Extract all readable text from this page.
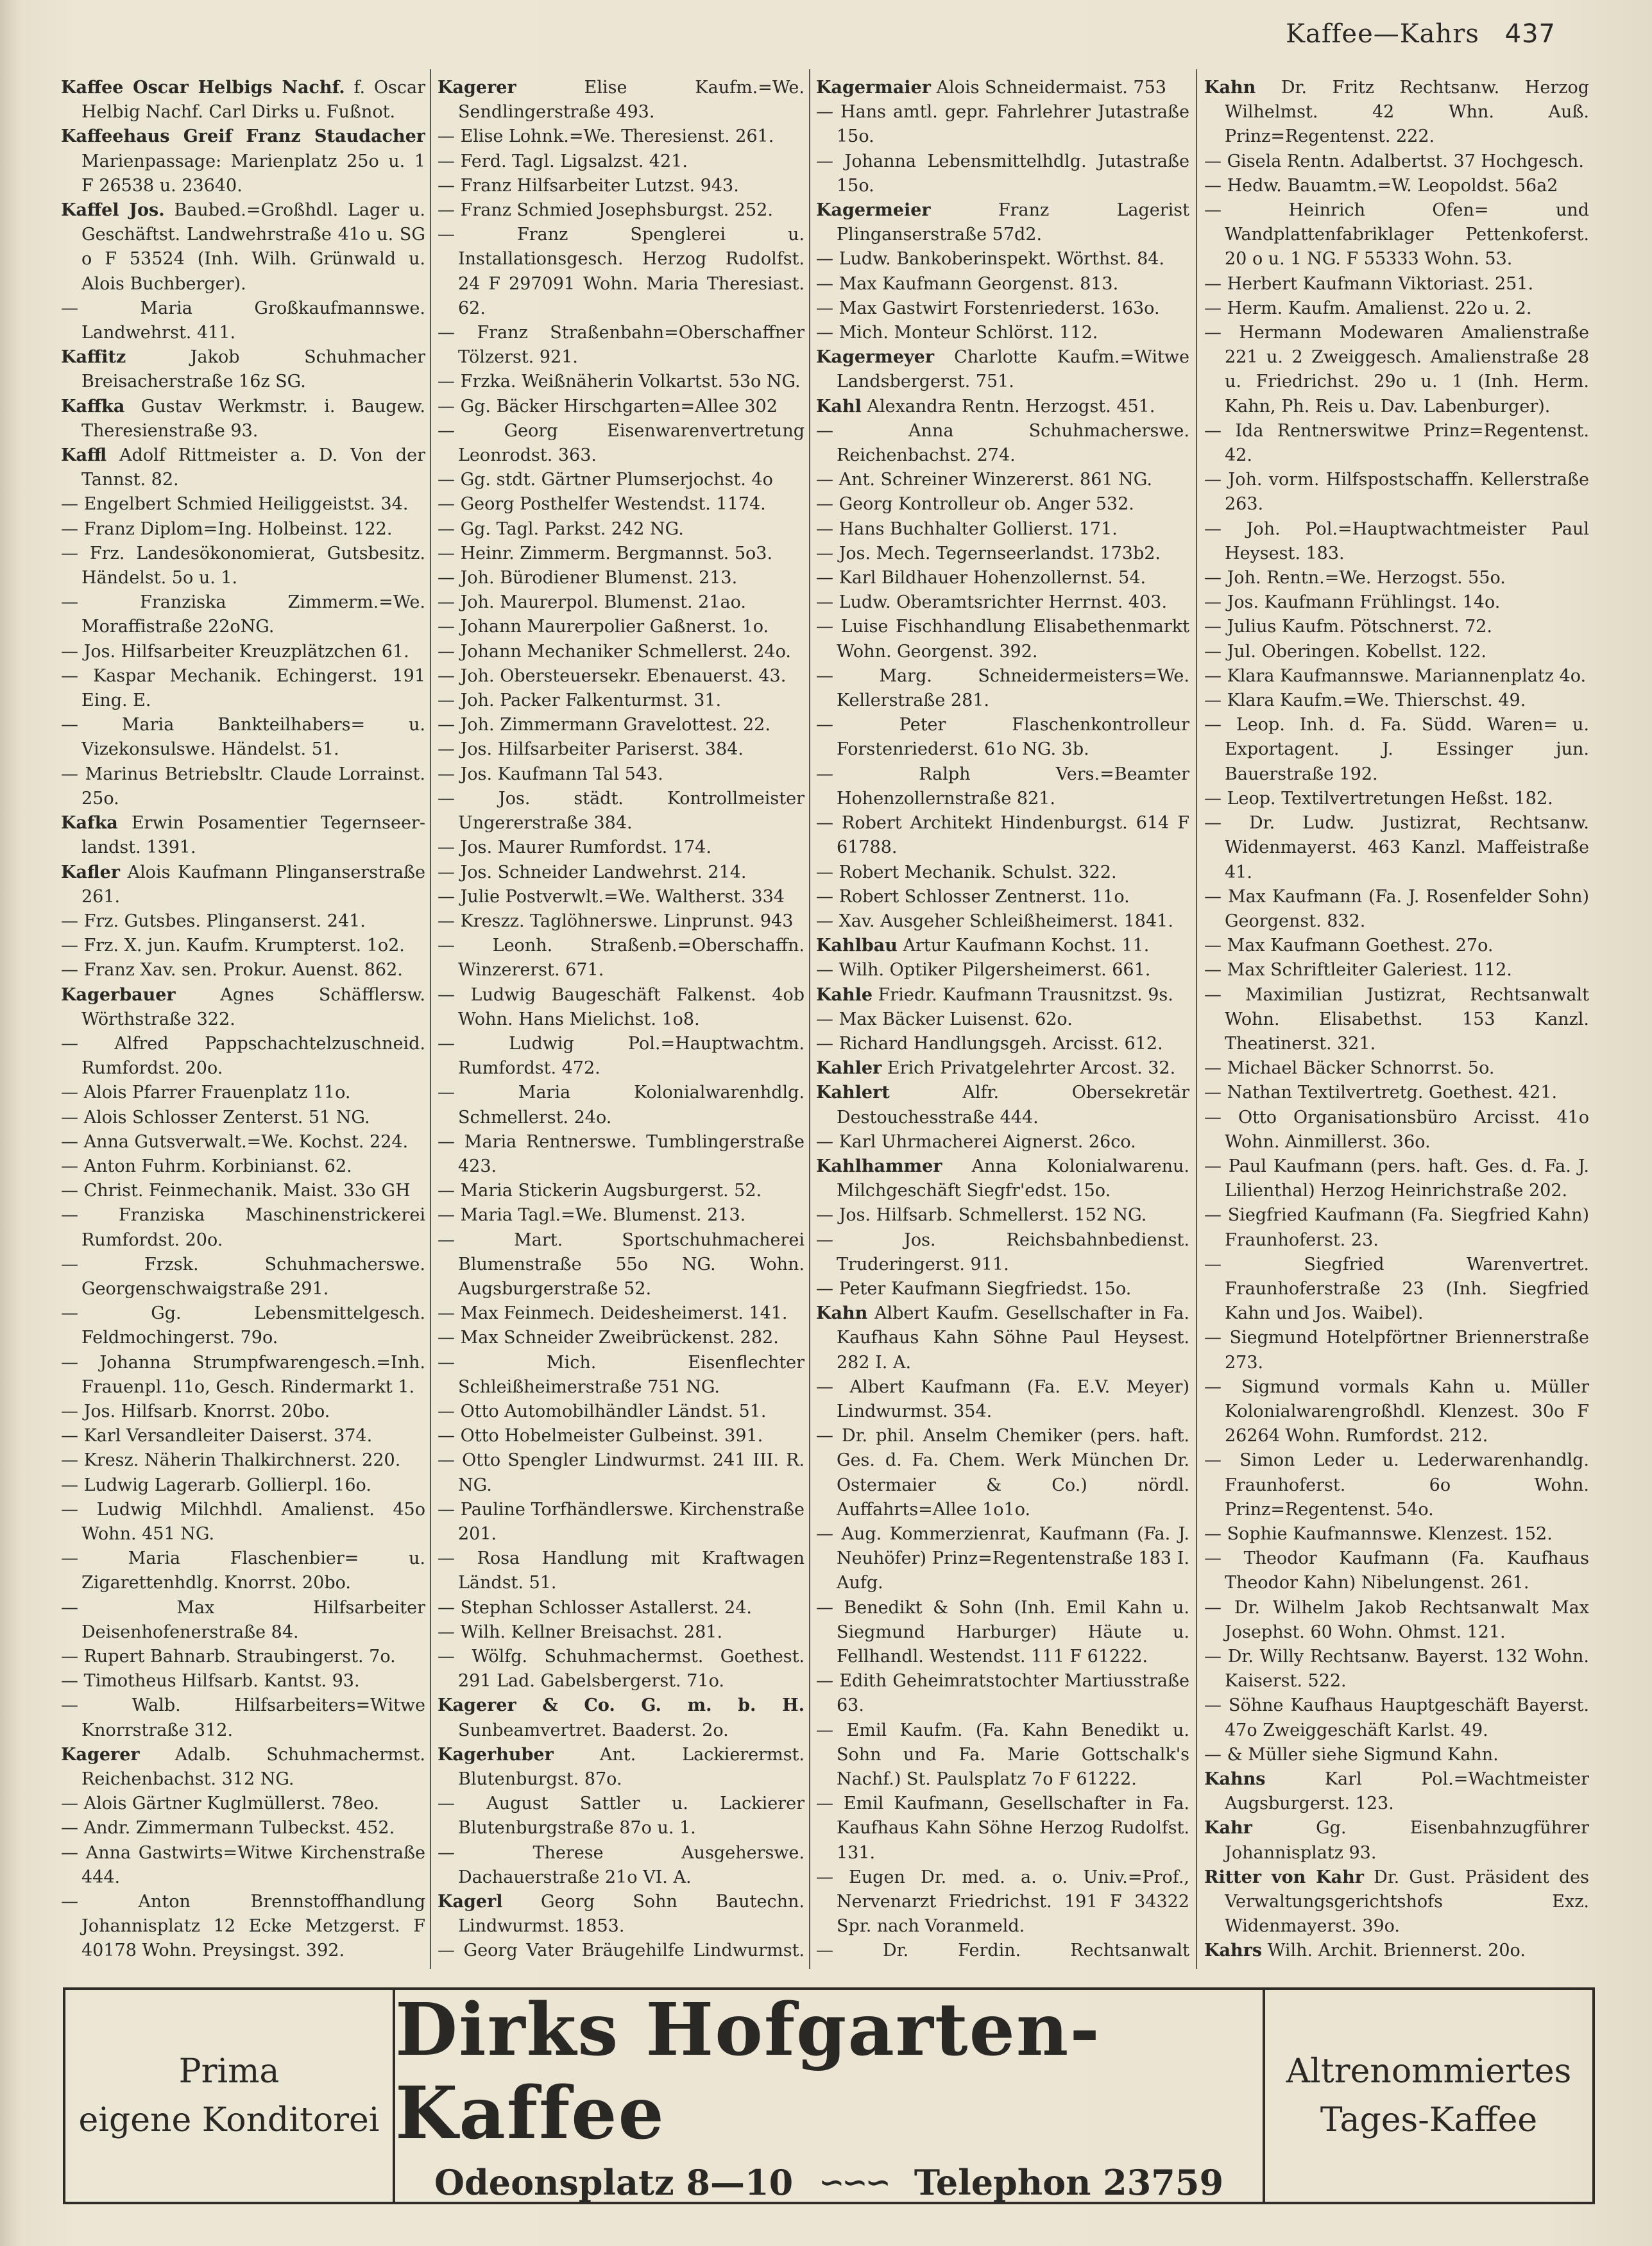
Kaffee—Kahrs 437
Kaffee Oscar Helbigs Nachf. f. Oscar Helbig Nachf. Carl Dirks u. Fußnot.
Kaffeehaus Greif Franz Staudacher Marienpassage: Marienplatz 25o u. 1 F 26538 u. 23640.
Kaffel Jos. Baubed.=Großhdl. Lager u. Geschäftst. Landwehrstraße 41o u. SG o F 53524 (Inh. Wilh. Grünwald u. Alois Buchberger).
— Maria Großkaufmannswe. Landwehrst. 411.
Kaffitz	Jakob Schuhmacher Breisacherstraße 16z SG.
Kaffka Gustav Werkmstr. i. Baugew. Theresienstraße 93.
Kaffl Adolf Rittmeister a. D. Von der Tannst. 82.
— Engelbert Schmied Heiliggeistst. 34.
— Franz Diplom=Ing. Holbeinst. 122.
— Frz. Landesökonomierat, Gutsbesitz. Händelst. 5o u. 1.
— Franziska Zimmerm.=We. Moraffistraße 22oNG.
— Jos. Hilfsarbeiter Kreuzplätzchen 61.
— Kaspar Mechanik. Echingerst. 191 Eing. E.
— Maria Bankteilhabers= u. Vizekonsulswe. Händelst. 51.
— Marinus Betriebsltr. Claude Lorrainst. 25o.
Kafka Erwin Posamentier Tegernseer-landst. 1391.
Kafler Alois Kaufmann Plinganserstraße 261.
— Frz. Gutsbes. Plinganserst. 241.
— Frz. X. jun. Kaufm. Krumpterst. 1o2.
— Franz Xav. sen. Prokur. Auenst. 862.
Kagerbauer	Agnes Schäfflersw. Wörthstraße 322.
— Alfred Pappschachtelzuschneid. Rumfordst. 20o.
— Alois Pfarrer Frauenplatz 11o.
— Alois Schlosser Zenterst. 51 NG.
— Anna Gutsverwalt.=We. Kochst. 224.
— Anton Fuhrm. Korbinianst. 62.
— Christ. Feinmechanik. Maist. 33o GH
— Franziska Maschinenstrickerei Rumfordst. 20o.
— Frzsk. Schuhmacherswe. Georgenschwaigstraße 291.
— Gg. Lebensmittelgesch. Feldmochingerst. 79o.
— Johanna Strumpfwarengesch.=Inh. Frauenpl. 11o, Gesch. Rindermarkt 1.
— Jos. Hilfsarb. Knorrst. 20bo.
— Karl Versandleiter Daiserst. 374.
— Kresz. Näherin Thalkirchnerst. 220.
— Ludwig Lagerarb. Gollierpl. 16o.
— Ludwig Milchhdl. Amalienst. 45o Wohn. 451 NG.
— Maria Flaschenbier= u. Zigarettenhdlg. Knorrst. 20bo.
— Max Hilfsarbeiter Deisenhofenerstraße 84.
— Rupert Bahnarb. Straubingerst. 7o.
— Timotheus Hilfsarb. Kantst. 93.
— Walb. Hilfsarbeiters=Witwe Knorrstraße 312.
Kagerer Adalb. Schuhmachermst. Reichenbachst. 312 NG.
— Alois Gärtner Kuglmüllerst. 78eo.
— Andr. Zimmermann Tulbeckst. 452.
— Anna Gastwirts=Witwe Kirchenstraße 444.
— Anton Brennstoffhandlung Johannisplatz 12 Ecke Metzgerst. F 40178 Wohn. Preysingst. 392.
Kagerer	Elise Kaufm.=We. Sendlingerstraße 493.
— Elise Lohnk.=We. Theresienst. 261.
— Ferd. Tagl. Ligsalzst. 421.
— Franz Hilfsarbeiter Lutzst. 943.
— Franz Schmied Josephsburgst. 252.
— Franz Spenglerei u. Installationsgesch. Herzog Rudolfst. 24 F 297091 Wohn. Maria Theresiast. 62.
— Franz Straßenbahn=Oberschaffner Tölzerst. 921.
— Frzka. Weißnäherin Volkartst. 53o NG.
— Gg. Bäcker Hirschgarten=Allee 302
— Georg Eisenwarenvertretung Leonrodst. 363.
— Gg. stdt. Gärtner Plumserjochst. 4o
— Georg Posthelfer Westendst. 1174.
— Gg. Tagl. Parkst. 242 NG.
— Heinr. Zimmerm. Bergmannst. 5o3.
— Joh. Bürodiener Blumenst. 213.
— Joh. Maurerpol. Blumenst. 21ao.
— Johann Maurerpolier Gaßnerst. 1o.
— Johann Mechaniker Schmellerst. 24o.
— Joh. Obersteuersekr. Ebenauerst. 43.
— Joh. Packer Falkenturmst. 31.
— Joh. Zimmermann Gravelottest. 22.
— Jos. Hilfsarbeiter Pariserst. 384.
— Jos. Kaufmann Tal 543.
— Jos. städt. Kontrollmeister Ungererstraße 384.
— Jos. Maurer Rumfordst. 174.
— Jos. Schneider Landwehrst. 214.
— Julie Postverwlt.=We. Waltherst. 334
— Kreszz. Taglöhnerswe. Linprunst. 943
— Leonh. Straßenb.=Oberschaffn. Winzererst. 671.
— Ludwig Baugeschäft Falkenst. 4ob Wohn. Hans Mielichst. 1o8.
— Ludwig Pol.=Hauptwachtm. Rumfordst. 472.
— Maria Kolonialwarenhdlg. Schmellerst. 24o.
— Maria Rentnerswe. Tumblingerstraße 423.
— Maria Stickerin Augsburgerst. 52.
— Maria Tagl.=We. Blumenst. 213.
— Mart. Sportschuhmacherei Blumenstraße 55o NG. Wohn. Augsburgerstraße 52.
— Max Feinmech. Deidesheimerst. 141.
— Max Schneider Zweibrückenst. 282.
— Mich. Eisenflechter Schleißheimerstraße 751 NG.
— Otto Automobilhändler Ländst. 51.
— Otto Hobelmeister Gulbeinst. 391.
— Otto Spengler Lindwurmst. 241 III. R. NG.
— Pauline Torfhändlerswe. Kirchenstraße 201.
— Rosa Handlung mit Kraftwagen Ländst. 51.
— Stephan Schlosser Astallerst. 24.
— Wilh. Kellner Breisachst. 281.
— Wölfg. Schuhmachermst. Goethest. 291 Lad. Gabelsbergerst. 71o.
Kagerer & Co. G. m. b. H. Sunbeamvertret. Baaderst. 2o.
Kagerhuber	Ant. Lackierermst. Blutenburgst. 87o.
— August Sattler u. Lackierer Blutenburgstraße 87o u. 1.
— Therese Ausgeherswe. Dachauerstraße 21o VI. A.
Kagerl Georg Sohn Bautechn. Lindwurmst. 1853.
— Georg Vater Bräugehilfe Lindwurmst.
Kagermaier Alois Schneidermaist. 753
— Hans amtl. gepr. Fahrlehrer Jutastraße 15o.
— Johanna Lebensmittelhdlg. Jutastraße 15o.
Kagermeier	Franz Lagerist Plinganserstraße 57d2.
— Ludw. Bankoberinspekt. Wörthst. 84.
— Max Kaufmann Georgenst. 813.
— Max Gastwirt Forstenriederst. 163o.
— Mich. Monteur Schlörst. 112.
Kagermeyer Charlotte Kaufm.=Witwe Landsbergerst. 751.
Kahl Alexandra Rentn. Herzogst. 451.
— Anna Schuhmacherswe. Reichenbachst. 274.
— Ant. Schreiner Winzererst. 861 NG.
— Georg Kontrolleur ob. Anger 532.
— Hans Buchhalter Gollierst. 171.
— Jos. Mech. Tegernseerlandst. 173b2.
— Karl Bildhauer Hohenzollernst. 54.
— Ludw. Oberamtsrichter Herrnst. 403.
— Luise Fischhandlung Elisabethenmarkt Wohn. Georgenst. 392.
— Marg. Schneidermeisters=We. Kellerstraße 281.
— Peter Flaschenkontrolleur Forstenriederst. 61o NG. 3b.
— Ralph Vers.=Beamter Hohenzollernstraße 821.
— Robert Architekt Hindenburgst. 614 F 61788.
— Robert Mechanik. Schulst. 322.
— Robert Schlosser Zentnerst. 11o.
— Xav. Ausgeher Schleißheimerst. 1841.
Kahlbau Artur Kaufmann Kochst. 11.
— Wilh. Optiker Pilgersheimerst. 661.
Kahle Friedr. Kaufmann Trausnitzst. 9s.
— Max Bäcker Luisenst. 62o.
— Richard Handlungsgeh. Arcisst. 612.
Kahler Erich Privatgelehrter Arcost. 32.
Kahlert	Alfr. Obersekretär Destouchesstraße 444.
— Karl Uhrmacherei Aignerst. 26co.
Kahlhammer Anna Kolonialwarenu. Milchgeschäft Siegfr'edst. 15o.
— Jos. Hilfsarb. Schmellerst. 152 NG.
— Jos. Reichsbahnbedienst. Truderingerst. 911.
— Peter Kaufmann Siegfriedst. 15o.
Kahn Albert Kaufm. Gesellschafter in Fa. Kaufhaus Kahn Söhne Paul Heysest. 282 I. A.
— Albert Kaufmann (Fa. E.V. Meyer) Lindwurmst. 354.
— Dr. phil. Anselm Chemiker (pers. haft. Ges. d. Fa. Chem. Werk München Dr. Ostermaier & Co.) nördl. Auffahrts=Allee 1o1o.
— Aug. Kommerzienrat, Kaufmann (Fa. J. Neuhöfer) Prinz=Regentenstraße 183 I. Aufg.
— Benedikt & Sohn (Inh. Emil Kahn u. Siegmund Harburger) Häute u. Fellhandl. Westendst. 111 F 61222.
— Edith Geheimratstochter Martiusstraße 63.
— Emil Kaufm. (Fa. Kahn Benedikt u. Sohn und Fa. Marie Gottschalk's Nachf.) St. Paulsplatz 7o F 61222.
— Emil Kaufmann, Gesellschafter in Fa. Kaufhaus Kahn Söhne Herzog Rudolfst. 131.
— Eugen Dr. med. a. o. Univ.=Prof., Nervenarzt Friedrichst. 191 F 34322 Spr. nach Voranmeld.
— Dr. Ferdin. Rechtsanwalt
Kahn Dr. Fritz Rechtsanw. Herzog Wilhelmst. 42 Whn. Auß. Prinz=Regentenst. 222.
— Gisela Rentn. Adalbertst. 37 Hochgesch.
— Hedw. Bauamtm.=W. Leopoldst. 56a2
— Heinrich Ofen= und Wandplattenfabriklager Pettenkoferst. 20 o u. 1 NG. F 55333 Wohn. 53.
— Herbert Kaufmann Viktoriast. 251.
— Herm. Kaufm. Amalienst. 22o u. 2.
— Hermann Modewaren Amalienstraße 221 u. 2 Zweiggesch. Amalienstraße 28 u. Friedrichst. 29o u. 1 (Inh. Herm. Kahn, Ph. Reis u. Dav. Labenburger).
— Ida Rentnerswitwe Prinz=Regentenst. 42.
— Joh. vorm. Hilfspostschaffn. Kellerstraße 263.
— Joh. Pol.=Hauptwachtmeister Paul Heysest. 183.
— Joh. Rentn.=We. Herzogst. 55o.
— Jos. Kaufmann Frühlingst. 14o.
— Julius Kaufm. Pötschnerst. 72.
— Jul. Oberingen. Kobellst. 122.
— Klara Kaufmannswe. Mariannenplatz 4o.
— Klara Kaufm.=We. Thierschst. 49.
— Leop. Inh. d. Fa. Südd. Waren= u. Exportagent. J. Essinger jun. Bauerstraße 192.
— Leop. Textilvertretungen Heßst. 182.
— Dr. Ludw. Justizrat, Rechtsanw. Widenmayerst. 463 Kanzl. Maffeistraße 41.
— Max Kaufmann (Fa. J. Rosenfelder Sohn) Georgenst. 832.
— Max Kaufmann Goethest. 27o.
— Max Schriftleiter Galeriest. 112.
— Maximilian Justizrat, Rechtsanwalt Wohn. Elisabethst. 153 Kanzl. Theatinerst. 321.
— Michael Bäcker Schnorrst. 5o.
— Nathan Textilvertretg. Goethest. 421.
— Otto Organisationsbüro Arcisst. 41o Wohn. Ainmillerst. 36o.
— Paul Kaufmann (pers. haft. Ges. d. Fa. J. Lilienthal) Herzog Heinrichstraße 202.
— Siegfried Kaufmann (Fa. Siegfried Kahn) Fraunhoferst. 23.
— Siegfried Warenvertret. Fraunhoferstraße 23 (Inh. Siegfried Kahn und Jos. Waibel).
— Siegmund Hotelpförtner Briennerstraße 273.
— Sigmund vormals Kahn u. Müller Kolonialwarengroßhdl. Klenzest. 30o F 26264 Wohn. Rumfordst. 212.
— Simon Leder u. Lederwarenhandlg. Fraunhoferst. 6o Wohn. Prinz=Regentenst. 54o.
— Sophie Kaufmannswe. Klenzest. 152.
— Theodor Kaufmann (Fa. Kaufhaus Theodor Kahn) Nibelungenst. 261.
— Dr. Wilhelm Jakob Rechtsanwalt Max Josephst. 60 Wohn. Ohmst. 121.
— Dr. Willy Rechtsanw. Bayerst. 132 Wohn. Kaiserst. 522.
— Söhne Kaufhaus Hauptgeschäft Bayerst. 47o Zweiggeschäft Karlst. 49.
— & Müller siehe Sigmund Kahn.
Kahns	Karl Pol.=Wachtmeister Augsburgerst. 123.
Kahr	Gg. Eisenbahnzugführer Johannisplatz 93.
Ritter von Kahr Dr. Gust. Präsident des Verwaltungsgerichtshofs Exz. Widenmayerst. 39o.
Kahrs Wilh. Archit. Briennerst. 20o.
Prima
eigene Konditorei
Dirks Hofgarten-Kaffee
Odeonsplatz 8—10 ∽∽∽ Telephon 23759
Altrenommiertes
Tages-Kaffee
